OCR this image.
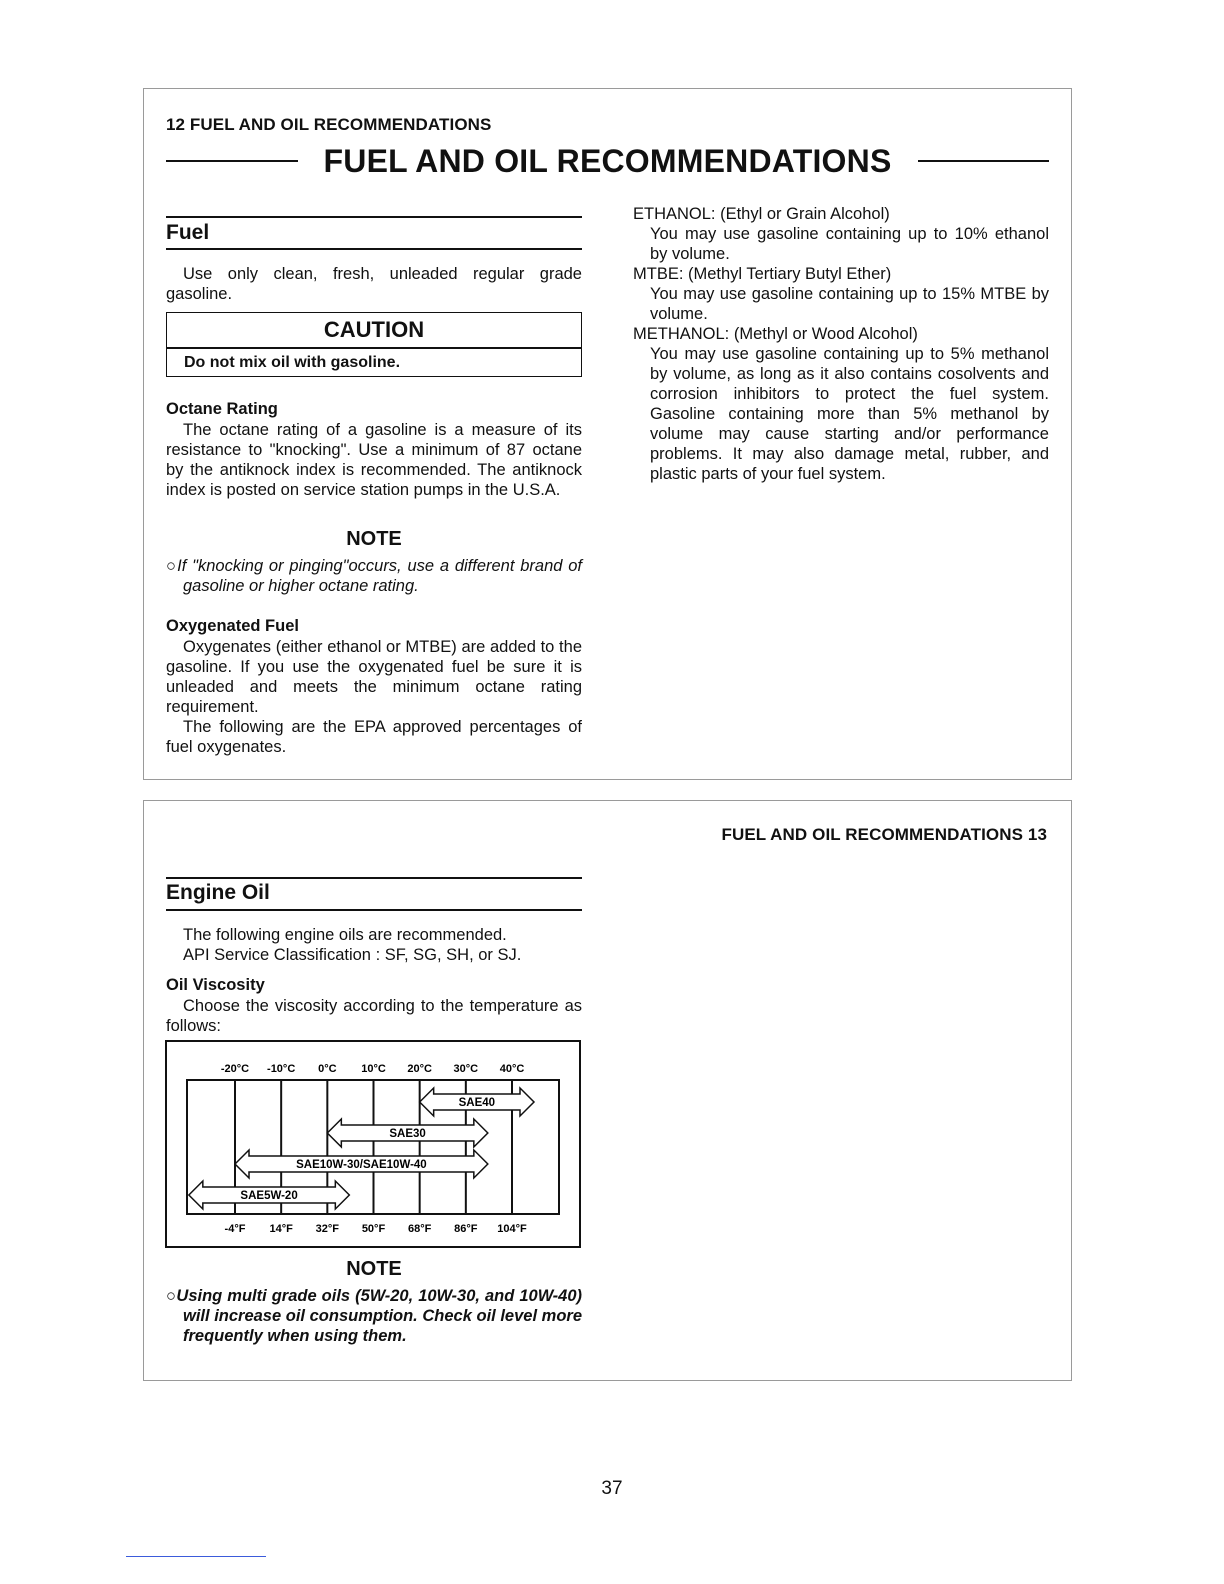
12 FUEL AND OIL RECOMMENDATIONS
FUEL AND OIL RECOMMENDATIONS
Fuel
Use only clean, fresh, unleaded regular grade gasoline.
CAUTION
Do not mix oil with gasoline.
Octane Rating
The octane rating of a gasoline is a measure of its resistance to "knocking". Use a minimum of 87 octane by the antiknock index is recommended. The antiknock index is posted on service station pumps in the U.S.A.
NOTE
○If "knocking or pinging"occurs, use a different brand of gasoline or higher octane rating.
Oxygenated Fuel
Oxygenates (either ethanol or MTBE) are added to the gasoline. If you use the oxygenated fuel be sure it is unleaded and meets the minimum octane rating requirement.
The following are the EPA approved percentages of fuel oxygenates.
ETHANOL: (Ethyl or Grain Alcohol)
You may use gasoline containing up to 10% ethanol by volume.
MTBE: (Methyl Tertiary Butyl Ether)
You may use gasoline containing up to 15% MTBE by volume.
METHANOL: (Methyl or Wood Alcohol)
You may use gasoline containing up to 5% methanol by volume, as long as it also contains cosolvents and corrosion inhibitors to protect the fuel system. Gasoline containing more than 5% methanol by volume may cause starting and/or performance problems. It may also damage metal, rubber, and plastic parts of your fuel system.
FUEL AND OIL RECOMMENDATIONS 13
Engine Oil
The following engine oils are recommended.
API Service Classification : SF, SG, SH, or SJ.
Oil Viscosity
Choose the viscosity according to the temperature as follows:
-20°C
-4°F
-10°C
14°F
0°C
32°F
10°C
50°F
20°C
68°F
30°C
86°F
40°C
104°F
SAE40
SAE30
SAE10W-30/SAE10W-40
SAE5W-20
NOTE
○Using multi grade oils (5W-20, 10W-30, and 10W-40) will increase oil consumption. Check oil level more frequently when using them.
37
